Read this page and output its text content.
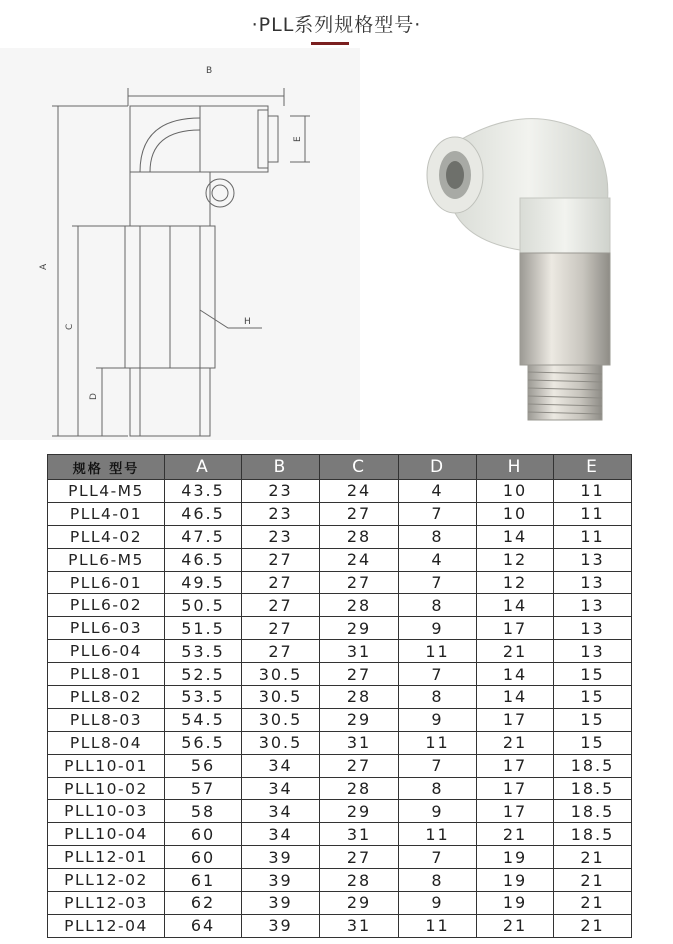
·PLL系列规格型号·
B
A
C
D
E
H
规格 型号	A	B	C	D	H	E
PLL4-M5	43.5	23	24	4	10	11
PLL4-01	46.5	23	27	7	10	11
PLL4-02	47.5	23	28	8	14	11
PLL6-M5	46.5	27	24	4	12	13
PLL6-01	49.5	27	27	7	12	13
PLL6-02	50.5	27	28	8	14	13
PLL6-03	51.5	27	29	9	17	13
PLL6-04	53.5	27	31	11	21	13
PLL8-01	52.5	30.5	27	7	14	15
PLL8-02	53.5	30.5	28	8	14	15
PLL8-03	54.5	30.5	29	9	17	15
PLL8-04	56.5	30.5	31	11	21	15
PLL10-01	56	34	27	7	17	18.5
PLL10-02	57	34	28	8	17	18.5
PLL10-03	58	34	29	9	17	18.5
PLL10-04	60	34	31	11	21	18.5
PLL12-01	60	39	27	7	19	21
PLL12-02	61	39	28	8	19	21
PLL12-03	62	39	29	9	19	21
PLL12-04	64	39	31	11	21	21
